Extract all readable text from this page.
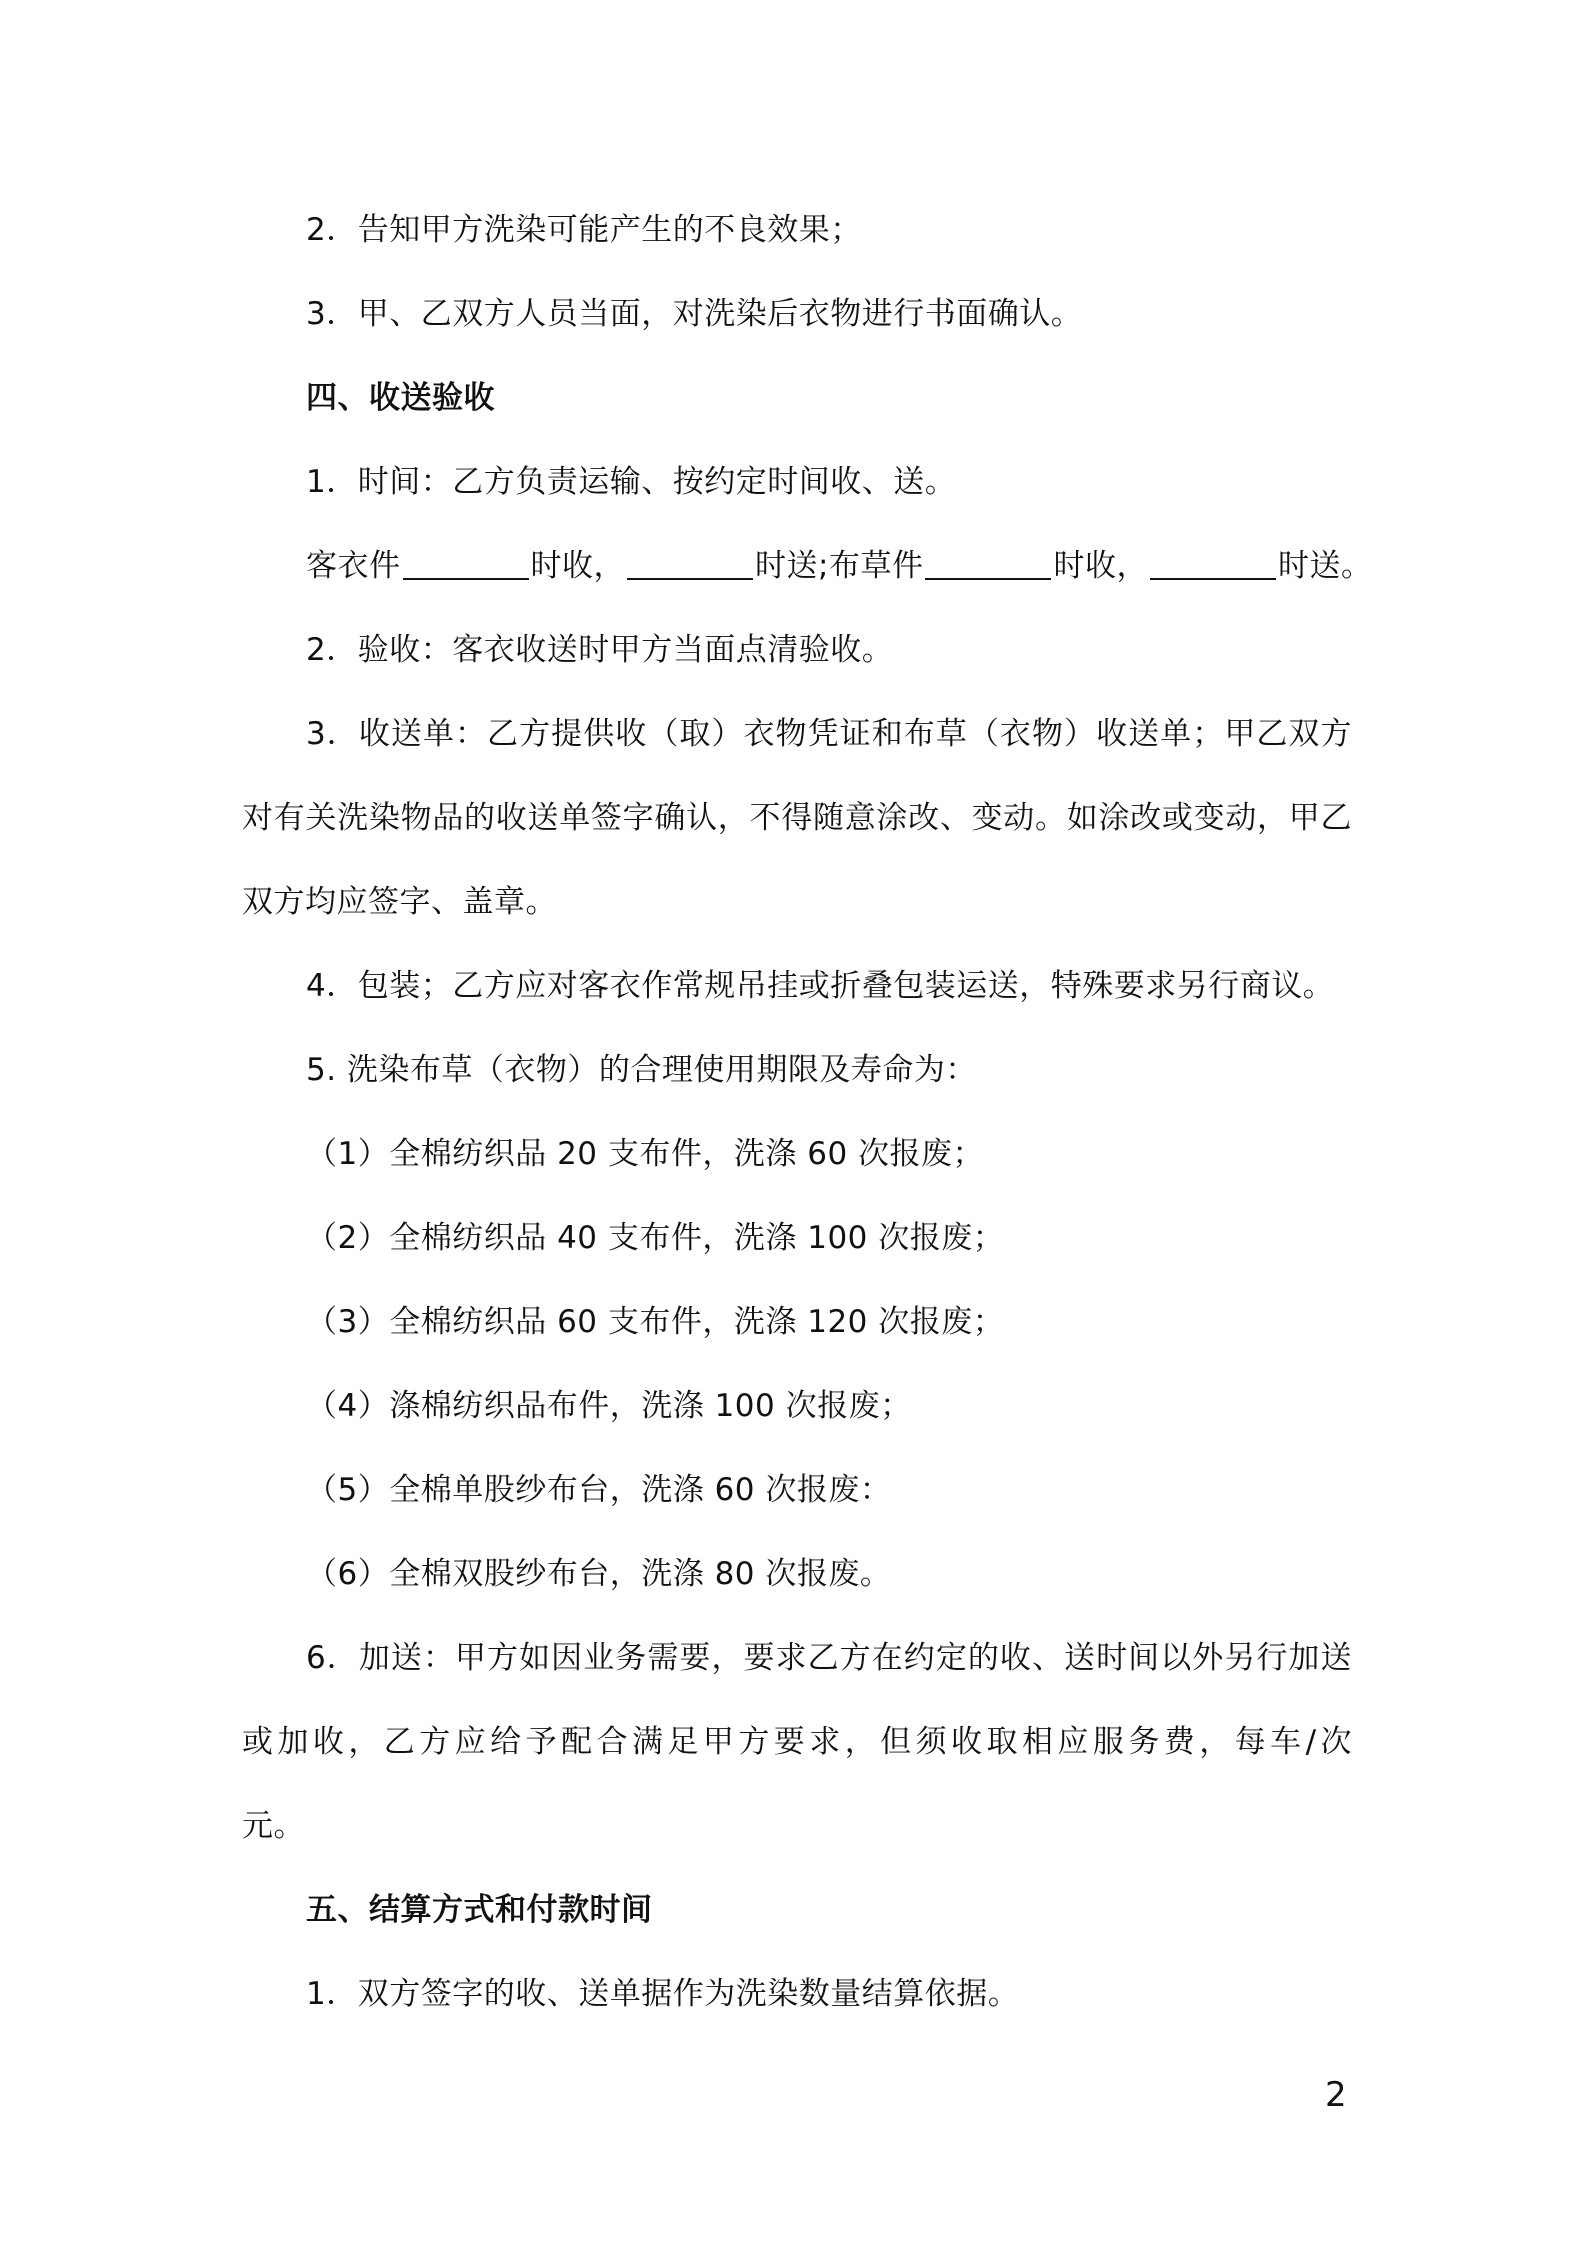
2．告知甲方洗染可能产生的不良效果；
3．甲、乙双方人员当面，对洗染后衣物进行书面确认。
四、收送验收
1．时间：乙方负责运输、按约定时间收、送。
客衣件	时收，	时送;布草件	时收，	时送。
2．验收：客衣收送时甲方当面点清验收。
3．收送单：乙方提供收（取）衣物凭证和布草（衣物）收送单；甲乙双方
对有关洗染物品的收送单签字确认，不得随意涂改、变动。如涂改或变动，甲乙
双方均应签字、盖章。
4．包装；乙方应对客衣作常规吊挂或折叠包装运送，特殊要求另行商议。
5. 洗染布草（衣物）的合理使用期限及寿命为：
（1）全棉纺织品 20 支布件，洗涤 60 次报废；
（2）全棉纺织品 40 支布件，洗涤 100 次报废；
（3）全棉纺织品 60 支布件，洗涤 120 次报废；
（4）涤棉纺织品布件，洗涤 100 次报废；
（5）全棉单股纱布台，洗涤 60 次报废：
（6）全棉双股纱布台，洗涤 80 次报废。
6．加送：甲方如因业务需要，要求乙方在约定的收、送时间以外另行加送
或加收，乙方应给予配合满足甲方要求，但须收取相应服务费，每车/次
元。
五、结算方式和付款时间
1．双方签字的收、送单据作为洗染数量结算依据。
2
